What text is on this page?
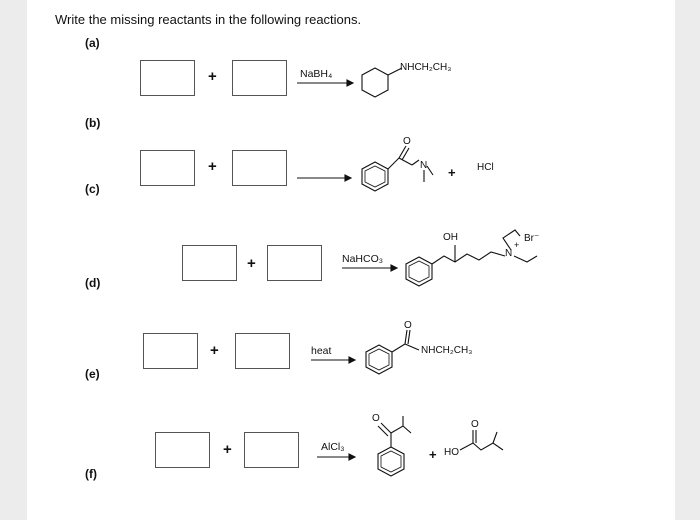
Write the missing reactants in the following reactions.
(a)
(b)
(c)
(d)
(e)
(f)
+	NaBH₄
NHCH₂CH₃
+
O
N + HCl
+	NaHCO₃
OH
N
+
Br⁻
+	heat
O
NHCH₂CH₃
+	AlCl₃
O
+ HO
O
